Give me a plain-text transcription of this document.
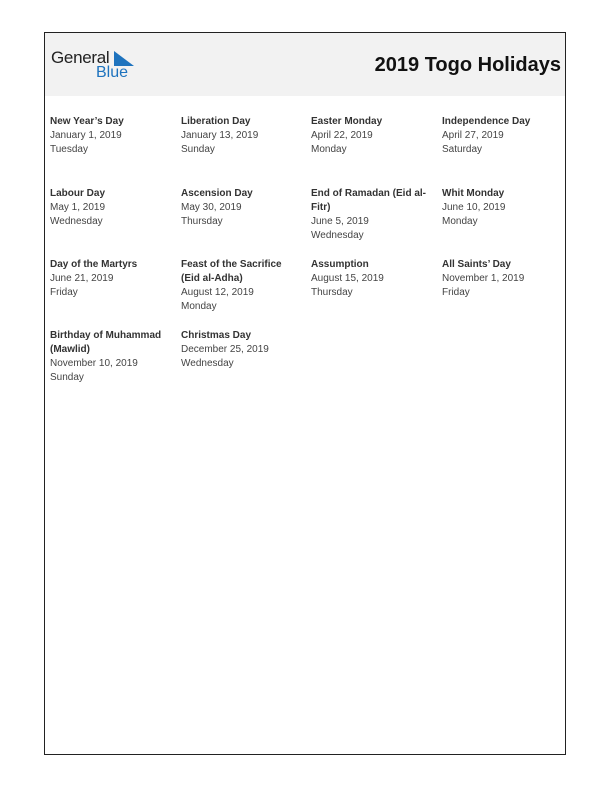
General
Blue	2019 Togo Holidays
New Year’s Day
January 1, 2019
Tuesday
Liberation Day
January 13, 2019
Sunday
Easter Monday
April 22, 2019
Monday
Independence Day
April 27, 2019
Saturday
Labour Day
May 1, 2019
Wednesday
Ascension Day
May 30, 2019
Thursday
End of Ramadan (Eid al-Fitr)
June 5, 2019
Wednesday
Whit Monday
June 10, 2019
Monday
Day of the Martyrs
June 21, 2019
Friday
Feast of the Sacrifice (Eid al-Adha)
August 12, 2019
Monday
Assumption
August 15, 2019
Thursday
All Saints’ Day
November 1, 2019
Friday
Birthday of Muhammad (Mawlid)
November 10, 2019
Sunday
Christmas Day
December 25, 2019
Wednesday
